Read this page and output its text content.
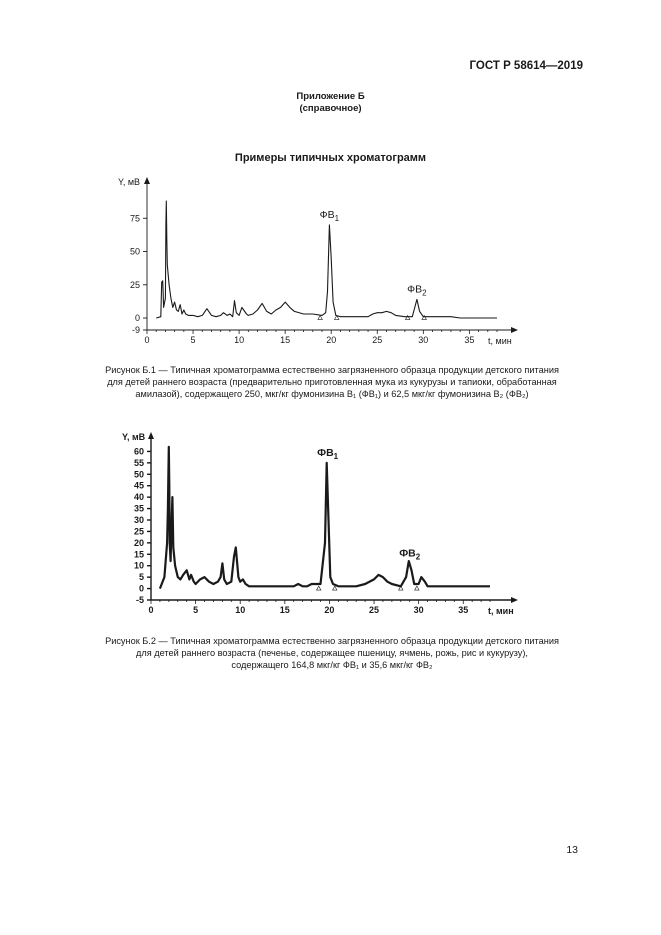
ГОСТ Р 58614—2019
Приложение Б
(справочное)
Примеры типичных хроматограмм
-9
0
25
50
75
0	5	10	15	20	25	30	35
Y, мВ
t, мин
$ФВ_1$
$ФВ_2$
-5
0
5
10
15
20
25
30
35
40
45
50
55
60
0	5	10	15	20	25	30	35
Y, мВ
t, мин
$ФВ_1$
$ФВ_2$
Рисунок Б.1 — Типичная хроматограмма естественно загрязненного образца продукции детского питания
для детей раннего возраста (предварительно приготовленная мука из кукурузы и тапиоки, обработанная
амилазой), содержащего 250, мкг/кг фумонизина В₁ (ФВ₁) и 62,5 мкг/кг фумонизина В₂ (ФВ₂)
Рисунок Б.2 — Типичная хроматограмма естественно загрязненного образца продукции детского питания
для детей раннего возраста (печенье, содержащее пшеницу, ячмень, рожь, рис и кукурузу),
содержащего 164,8 мкг/кг ФВ₁ и 35,6 мкг/кг ФВ₂
13
